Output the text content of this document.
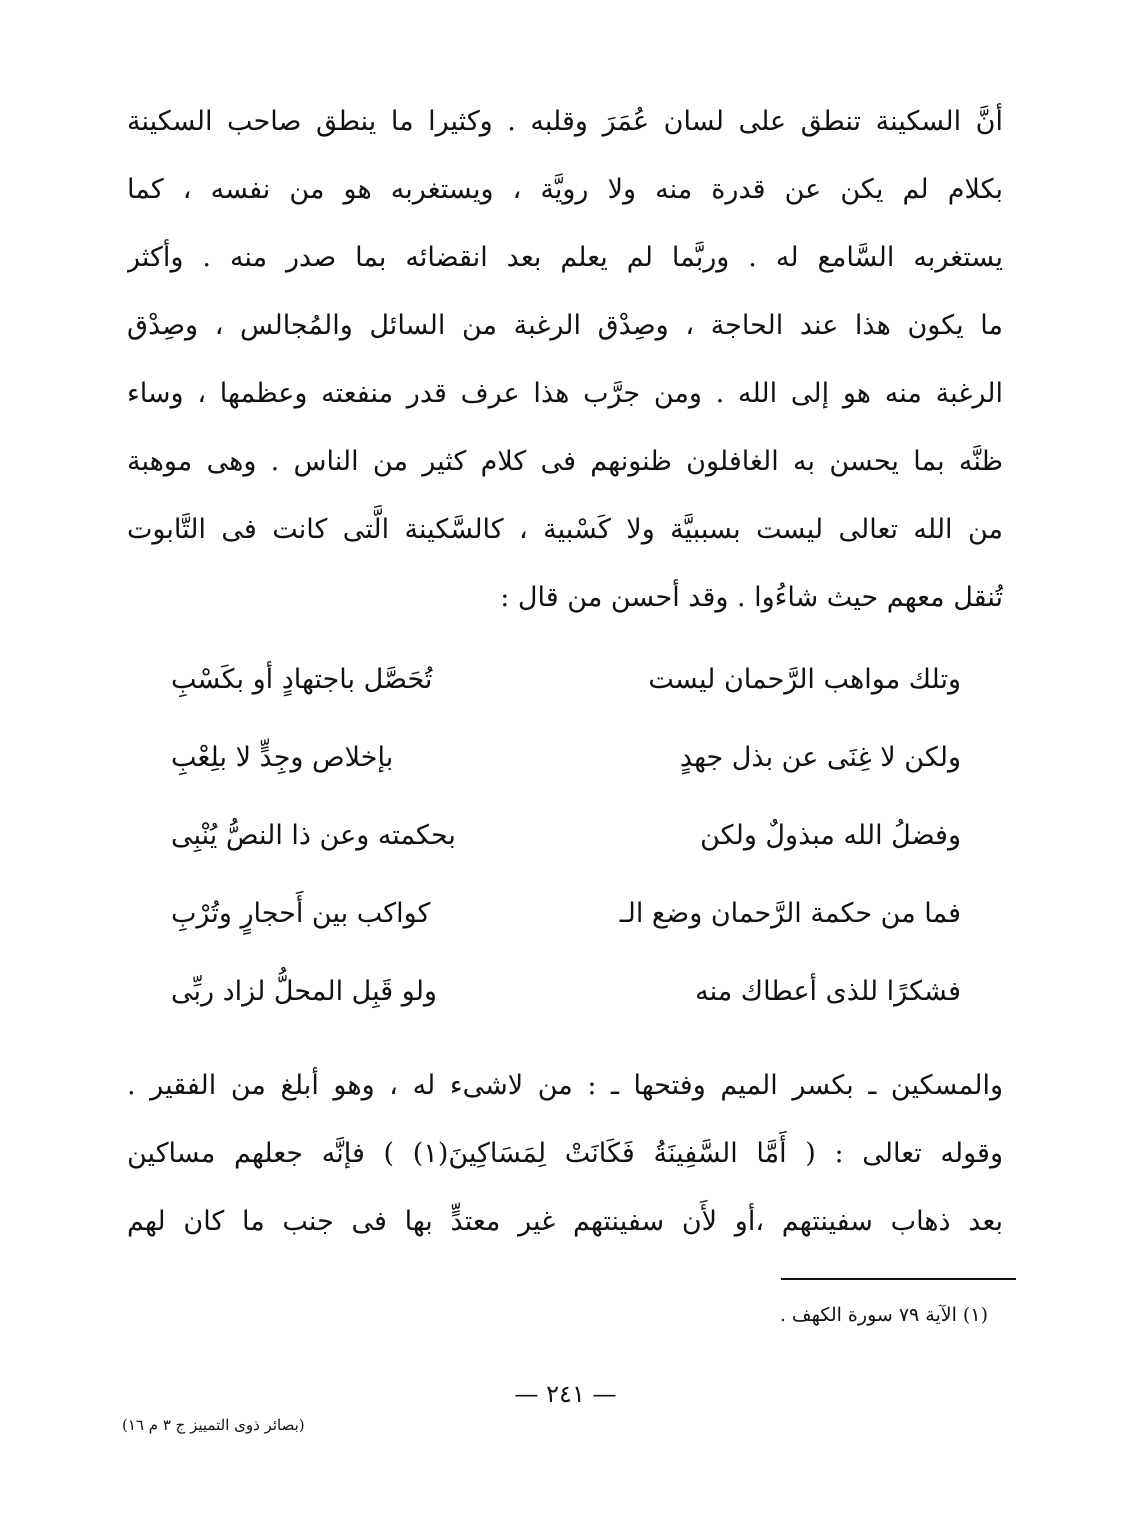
أنَّ السكينة تنطق على لسان عُمَرَ وقلبه . وكثيرا ما ينطق صاحب السكينة
بكلام لم يكن عن قدرة منه ولا رويَّة ، ويستغربه هو من نفسه ، كما
يستغربه السَّامع له . وربَّما لم يعلم بعد انقضائه بما صدر منه . وأكثر
ما يكون هذا عند الحاجة ، وصِدْق الرغبة من السائل والمُجالس ، وصِدْق
الرغبة منه هو إلى الله . ومن جرَّب هذا عرف قدر منفعته وعظمها ، وساء
ظنَّه بما يحسن به الغافلون ظنونهم فى كلام كثير من الناس . وهى موهبة
من الله تعالى ليست بسببيَّة ولا كَسْبية ، كالسَّكينة الَّتى كانت فى التَّابوت
تُنقل معهم حيث شاءُوا . وقد أحسن من قال :
وتلك مواهب الرَّحمان ليست
تُحَصَّل باجتهادٍ أو بكَسْبِ
ولكن لا غِنَى عن بذل جهدٍ
بإخلاص وجِدٍّ لا بلِعْبِ
وفضلُ الله مبذولٌ ولكن
بحكمته وعن ذا النصُّ يُنْبِى
فما من حكمة الرَّحمان وضع الـ
كواكب بين أَحجارٍ وتُرْبِ
فشكرًا للذى أعطاك منه
ولو قَبِل المحلُّ لزاد ربِّى
والمسكين ـ بكسر الميم وفتحها ـ : من لاشىء له ، وهو أبلغ من الفقير .
وقوله تعالى : ( أَمَّا السَّفِينَةُ فَكَانَتْ لِمَسَاكِينَ(١) ) فإنَّه جعلهم مساكين
بعد ذهاب سفينتهم ،أو لأَن سفينتهم غير معتدٍّ بها فى جنب ما كان لهم
(١) الآية ٧٩ سورة الكهف .
— ٢٤١ —
(بصائر ذوى التمييز ج ٣ م ١٦)
